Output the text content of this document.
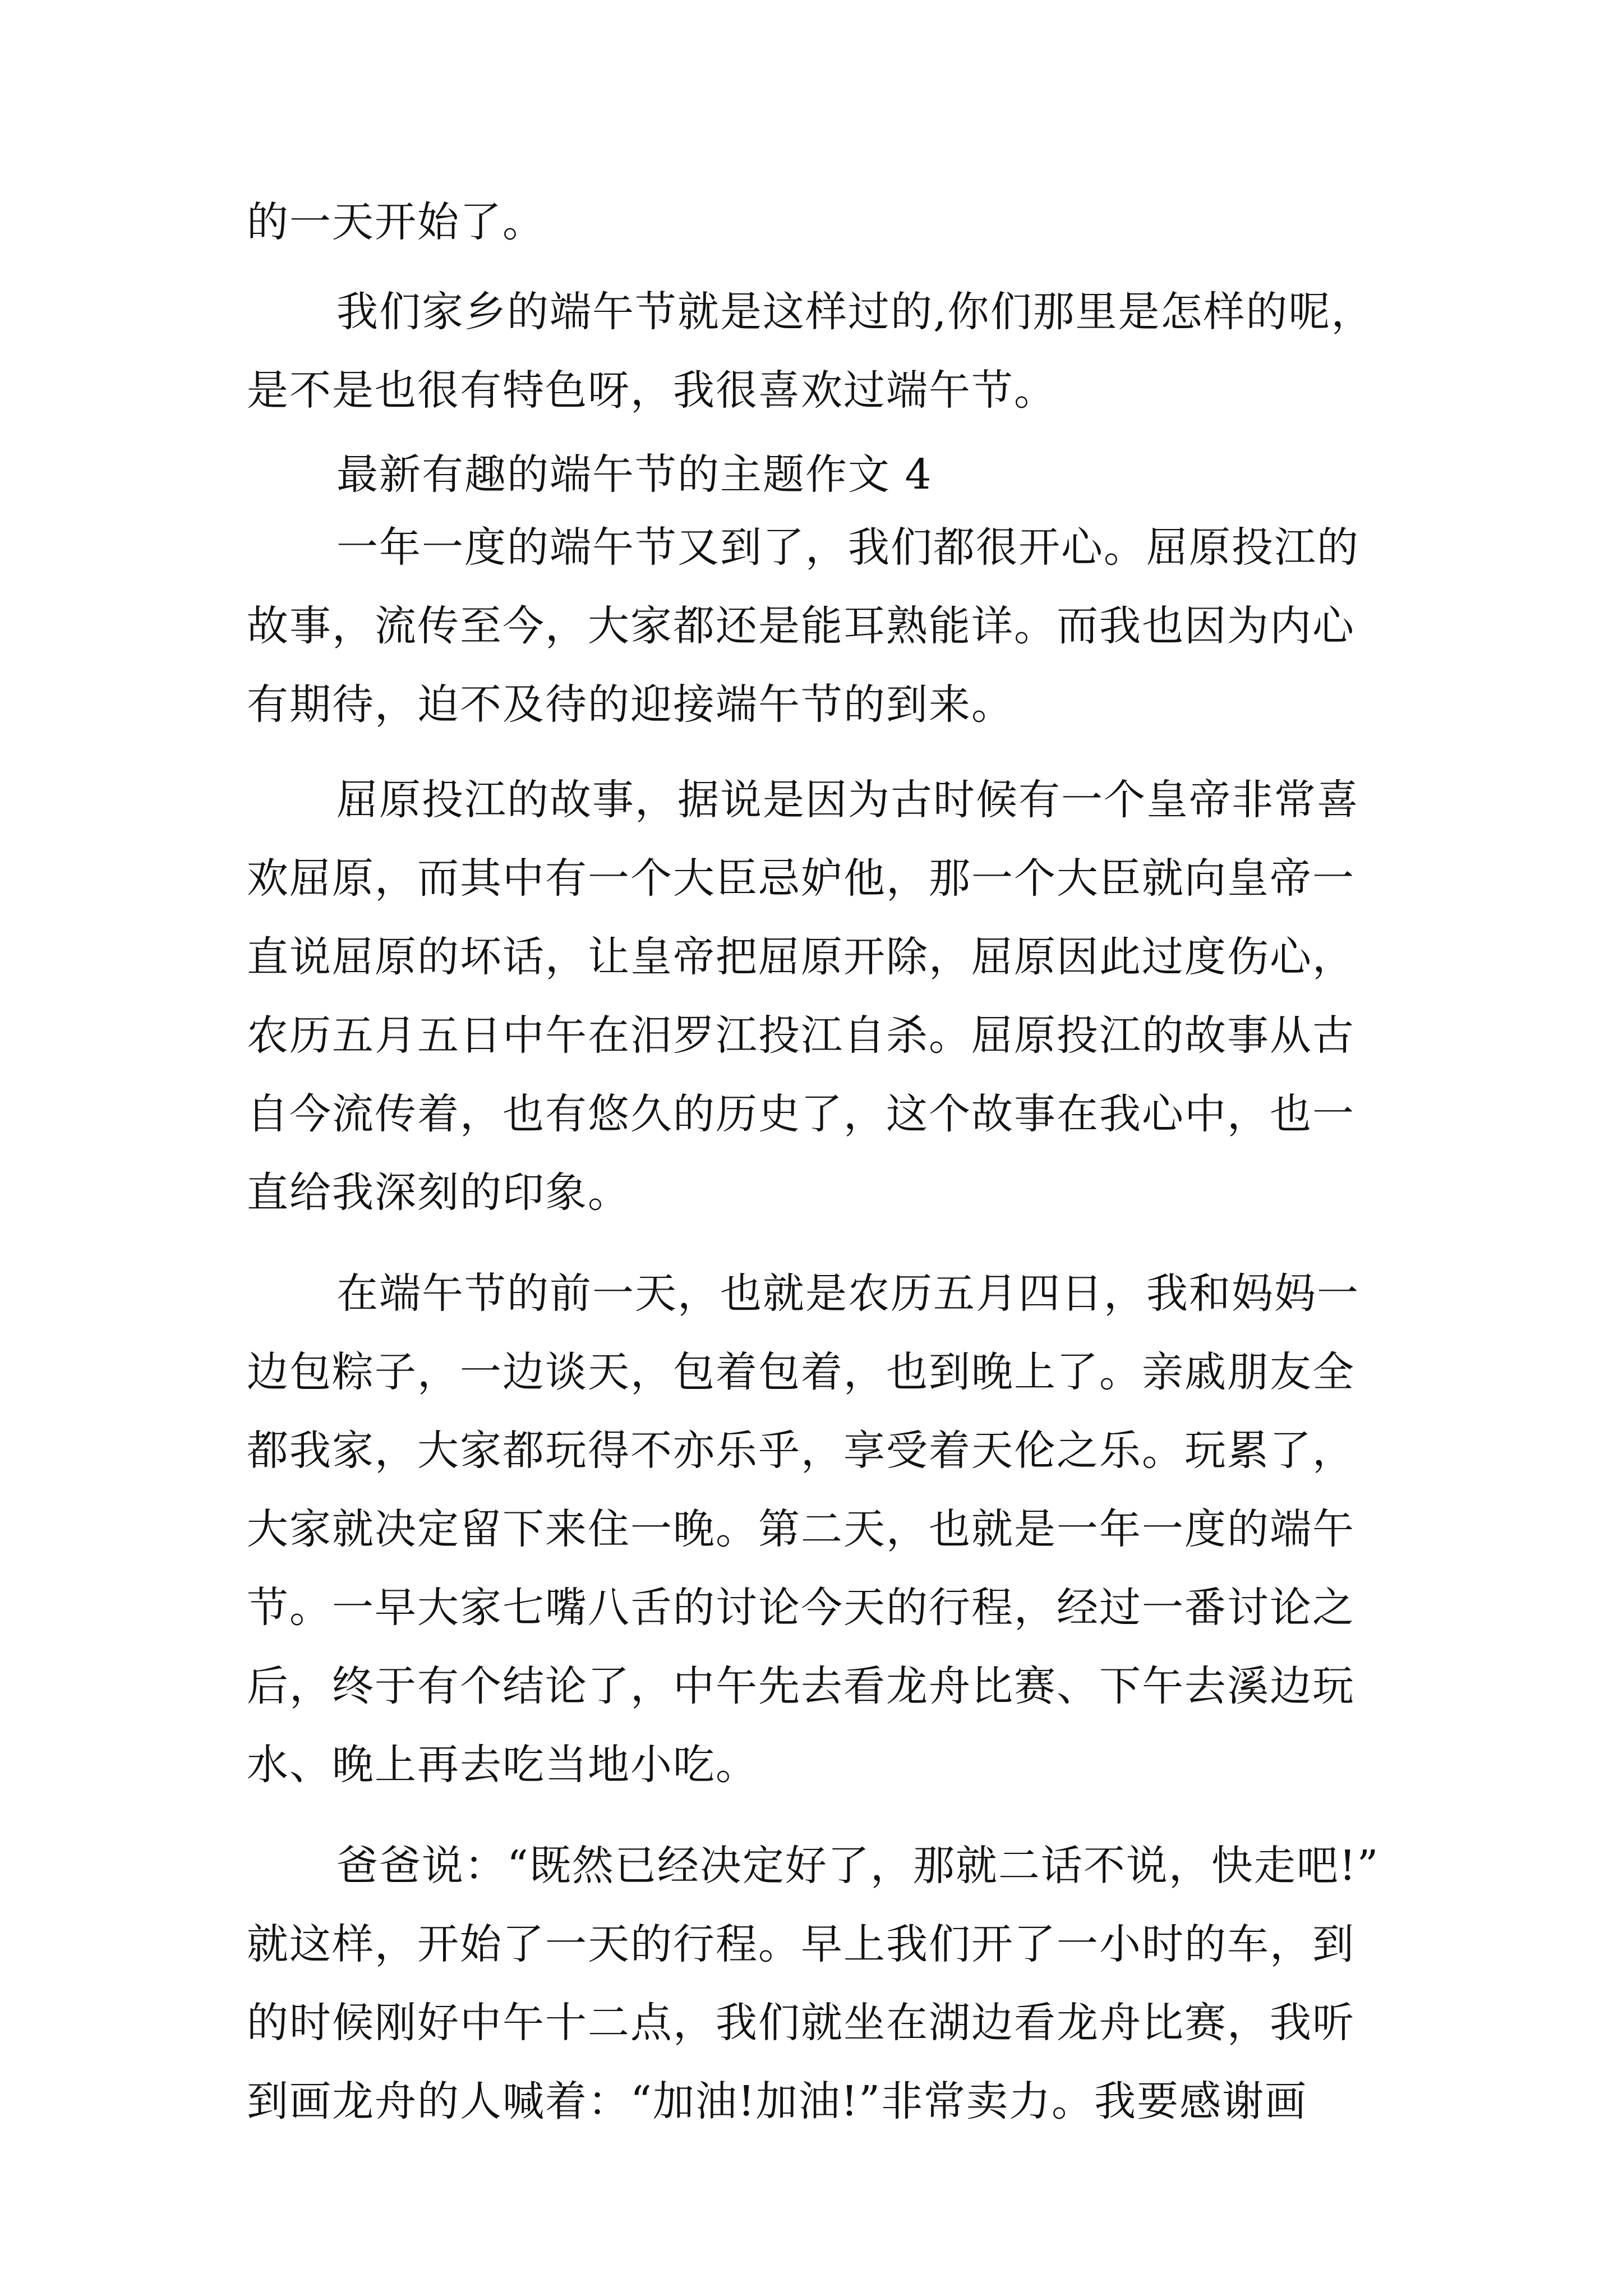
的一天开始了。
我们家乡的端午节就是这样过的,你们那里是怎样的呢，
是不是也很有特色呀，我很喜欢过端午节。
最新有趣的端午节的主题作文 4
一年一度的端午节又到了，我们都很开心。屈原投江的
故事，流传至今，大家都还是能耳熟能详。而我也因为内心
有期待，迫不及待的迎接端午节的到来。
屈原投江的故事，据说是因为古时候有一个皇帝非常喜
欢屈原，而其中有一个大臣忌妒他，那一个大臣就向皇帝一
直说屈原的坏话，让皇帝把屈原开除，屈原因此过度伤心，
农历五月五日中午在汨罗江投江自杀。屈原投江的故事从古
自今流传着，也有悠久的历史了，这个故事在我心中，也一
直给我深刻的印象。
在端午节的前一天，也就是农历五月四日，我和妈妈一
边包粽子，一边谈天，包着包着，也到晚上了。亲戚朋友全
都我家，大家都玩得不亦乐乎，享受着天伦之乐。玩累了，
大家就决定留下来住一晚。第二天，也就是一年一度的端午
节。一早大家七嘴八舌的讨论今天的行程，经过一番讨论之
后，终于有个结论了，中午先去看龙舟比赛、下午去溪边玩
水、晚上再去吃当地小吃。
爸爸说：“既然已经决定好了，那就二话不说，快走吧!”
就这样，开始了一天的行程。早上我们开了一小时的车，到
的时候刚好中午十二点，我们就坐在湖边看龙舟比赛，我听
到画龙舟的人喊着：“加油!加油!”非常卖力。我要感谢画
